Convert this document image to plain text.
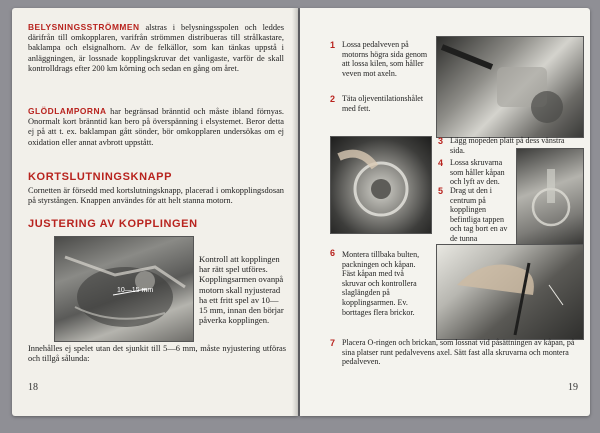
BELYSNINGSSTRÖMMEN alstras i belysningsspolen och leddes därifrån till omkopplaren, varifrån strömmen distribueras till strålkastare, baklampa och elsignalhorn. Av de felkällor, som kan tänkas uppstå i anläggningen, är lossnade kopplingskruvar det vanligaste, varför de skall kontrolldrags efter 200 km körning och sedan en gång om året.

GLÖDLAMPORNA har begränsad bränntid och måste ibland förnyas. Onormalt kort bränntid kan bero på överspänning i elsystemet. Beror detta ej på att t. ex. baklampan gått sönder, bör omkopplaren undersökas om ej oxidation eller annat avbrott uppstått.

KORTSLUTNINGSKNAPP

Cornetten är försedd med kortslutningsknapp, placerad i omkopplingsdosan på styrstången. Knappen användes för att helt stanna motorn.

JUSTERING AV KOPPLINGEN

10—15 mm

Kontroll att kopplingen har rätt spel utföres. Kopplingsarmen ovanpå motorn skall nyjusterad ha ett fritt spel av 10—15 mm, innan den börjar påverka kopplingen.

Innehålles ej spelet utan det sjunkit till 5—6 mm, måste nyjustering utföras och tillgå sålunda:

18
1 Lossa pedalveven på motorns högra sida genom att lossa kilen, som håller veven mot axeln.

2 Täta oljeventilationshålet med fett.

3 Lägg mopeden platt på dess vänstra sida.

4 Lossa skruvarna som håller kåpan och lyft av den.

5 Drag ut den i centrum på kopplingen befintliga tappen och tag bort en av de tunna

6 Montera tillbaka bulten, packningen och kåpan. Fäst kåpan med två skruvar och kontrollera slaglängden på kopplingsarmen. Ev. borttages flera brickor.

7 Placera O-ringen och brickan, som lossnat vid påsättningen av kåpan, på sina platser runt pedalvevens axel. Sätt fast alla skruvarna och montera pedalveven.

19
